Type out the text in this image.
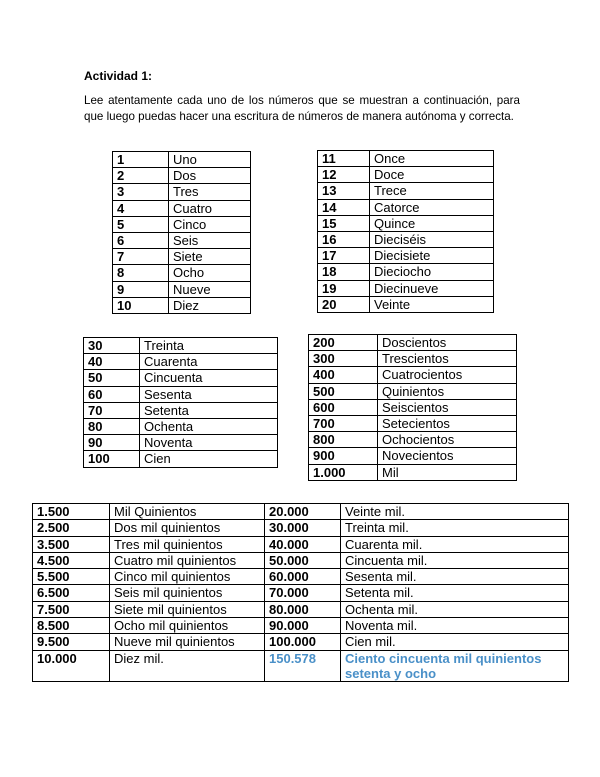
Actividad 1:

Lee atentamente cada uno de los números que se muestran a continuación, para que luego puedas hacer una escritura de números de manera autónoma y correcta.

1	Uno
2	Dos
3	Tres
4	Cuatro
5	Cinco
6	Seis
7	Siete
8	Ocho
9	Nueve
10	Diez
11	Once
12	Doce
13	Trece
14	Catorce
15	Quince
16	Dieciséis
17	Diecisiete
18	Dieciocho
19	Diecinueve
20	Veinte
30	Treinta
40	Cuarenta
50	Cincuenta
60	Sesenta
70	Setenta
80	Ochenta
90	Noventa
100	Cien
200	Doscientos
300	Trescientos
400	Cuatrocientos
500	Quinientos
600	Seiscientos
700	Setecientos
800	Ochocientos
900	Novecientos
1.000	Mil
1.500	Mil Quinientos	20.000	Veinte mil.
2.500	Dos mil quinientos	30.000	Treinta mil.
3.500	Tres mil quinientos	40.000	Cuarenta mil.
4.500	Cuatro mil quinientos	50.000	Cincuenta mil.
5.500	Cinco mil quinientos	60.000	Sesenta mil.
6.500	Seis mil quinientos	70.000	Setenta mil.
7.500	Siete mil quinientos	80.000	Ochenta mil.
8.500	Ocho mil quinientos	90.000	Noventa mil.
9.500	Nueve mil quinientos	100.000	Cien mil.
10.000	Diez mil.	150.578	Ciento cincuenta mil quinientos setenta y ocho
